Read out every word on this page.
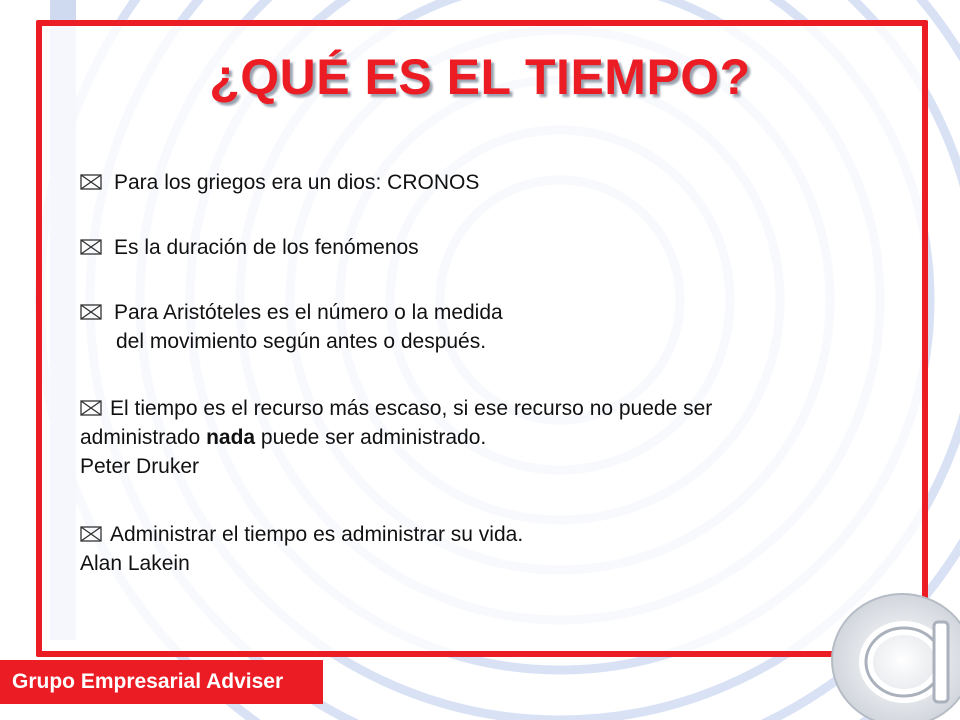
¿QUÉ ES EL TIEMPO?

Para los griegos era un dios: CRONOS

Es la duración de los fenómenos

Para Aristóteles es el número o la medida
del movimiento según antes o después.

El tiempo es el recurso más escaso, si ese recurso no puede ser
administrado nada puede ser administrado.
Peter Druker

Administrar el tiempo es administrar su vida.
Alan Lakein

Grupo Empresarial Adviser
